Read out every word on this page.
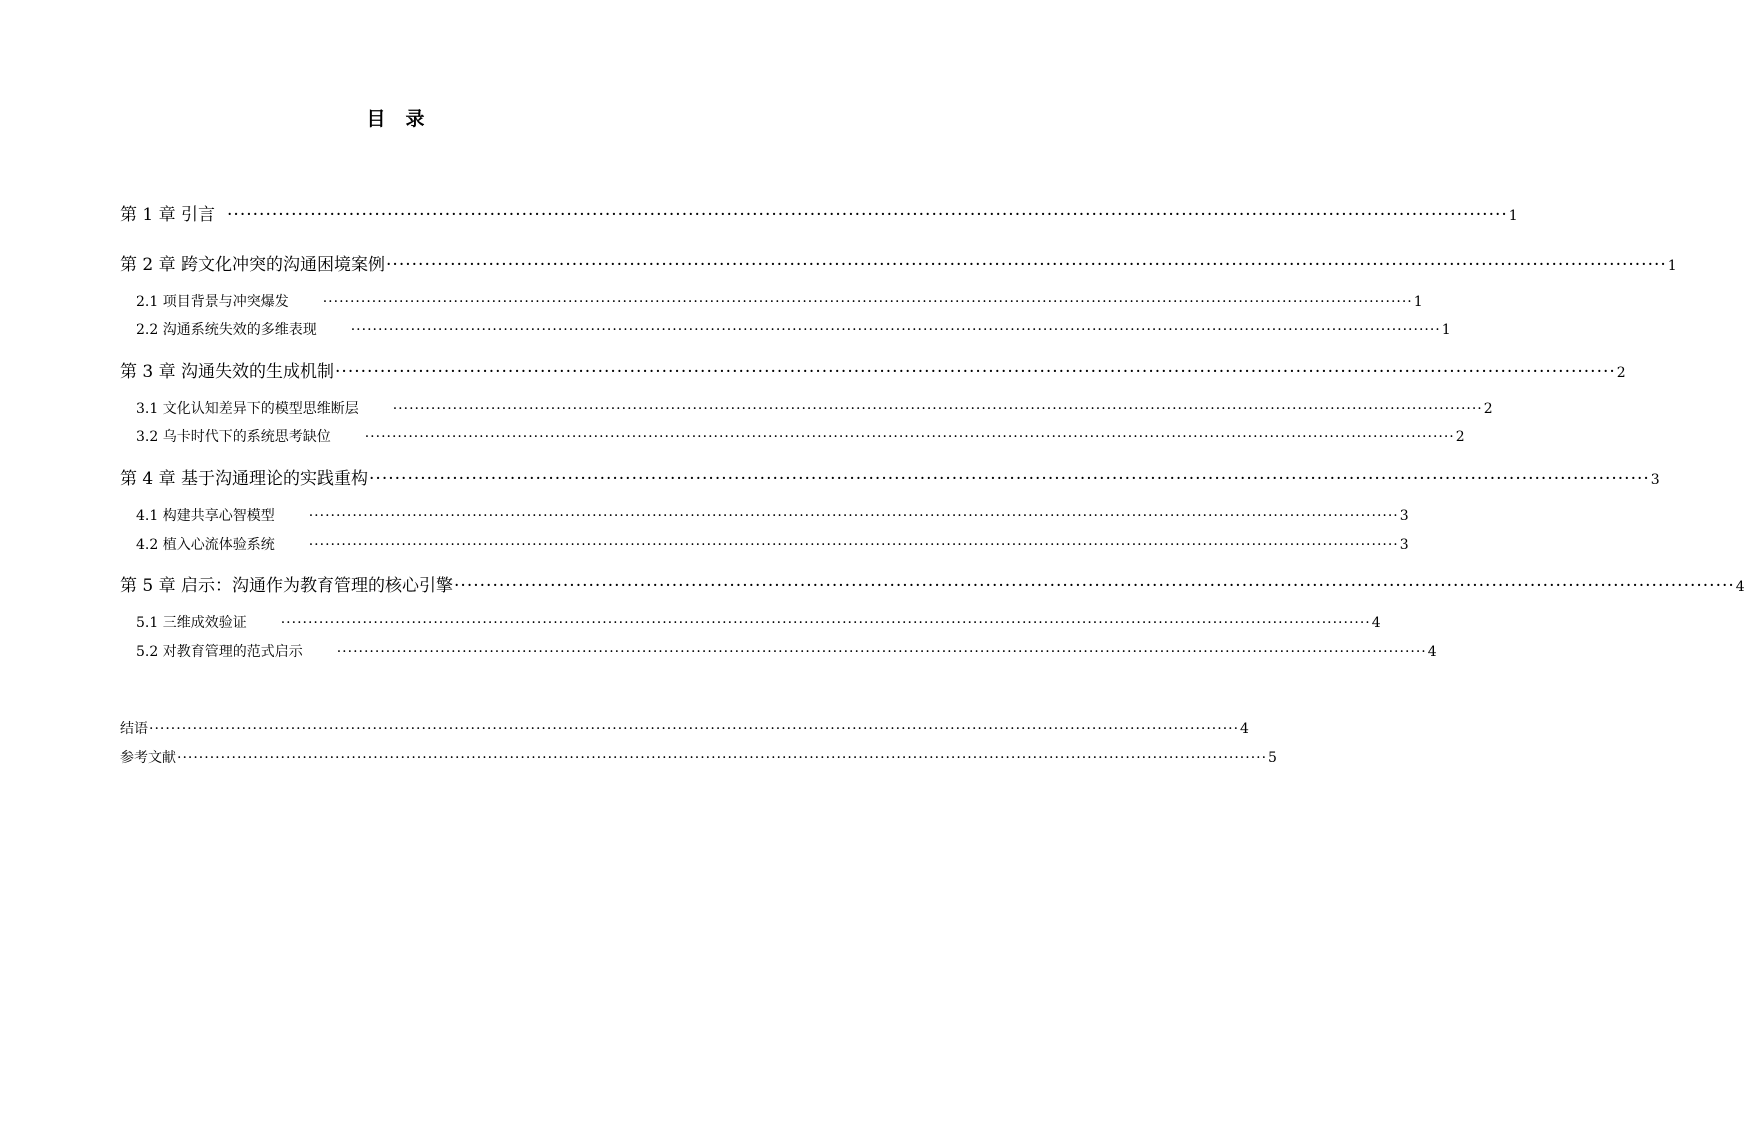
目 录
第 1 章 引言 ········································································································································································································ 1
第 2 章 跨文化冲突的沟通困境案例 ········································································································································································································ 1
2.1 项目背景与冲突爆发 ········································································································································································································ 1
2.2 沟通系统失效的多维表现 ········································································································································································································ 1
第 3 章 沟通失效的生成机制 ········································································································································································································ 2
3.1 文化认知差异下的模型思维断层 ········································································································································································································ 2
3.2 乌卡时代下的系统思考缺位 ········································································································································································································ 2
第 4 章 基于沟通理论的实践重构 ········································································································································································································ 3
4.1 构建共享心智模型 ········································································································································································································ 3
4.2 植入心流体验系统 ········································································································································································································ 3
第 5 章 启示：沟通作为教育管理的核心引擎 ········································································································································································································ 4
5.1 三维成效验证 ········································································································································································································ 4
5.2 对教育管理的范式启示 ········································································································································································································ 4
结语 ········································································································································································································ 4
参考文献 ········································································································································································································ 5
